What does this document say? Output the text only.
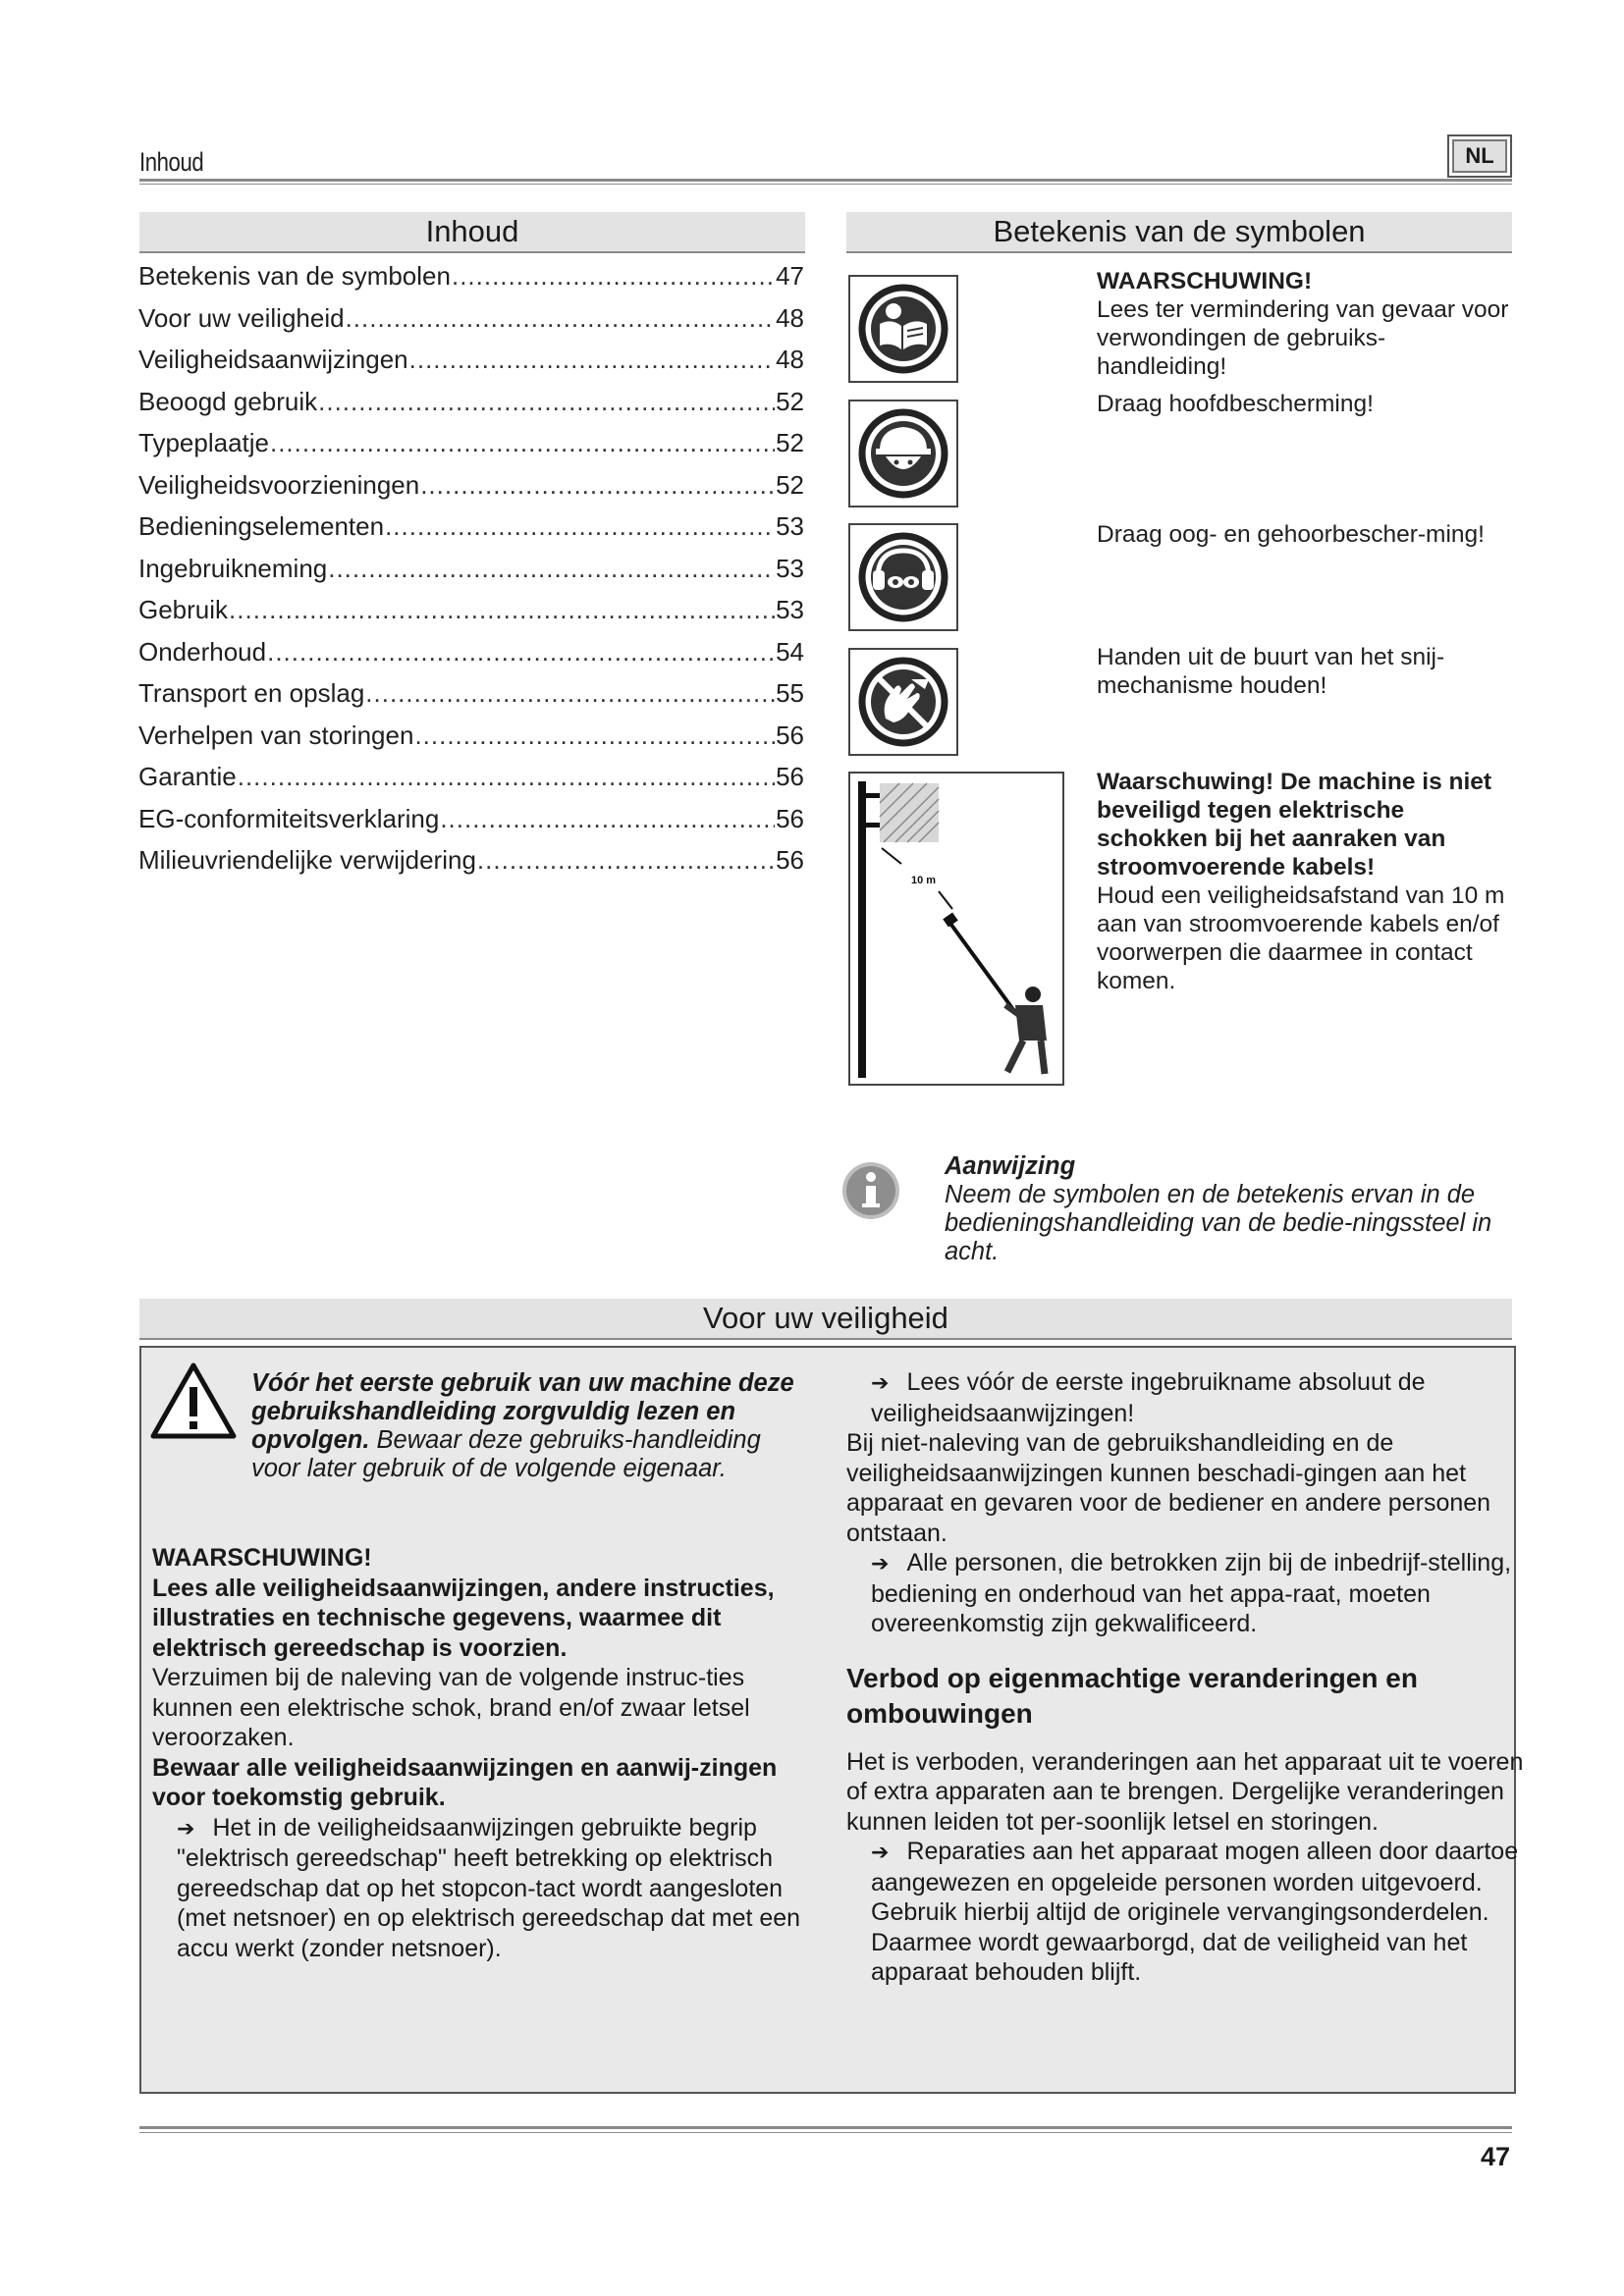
Inhoud	NL
Inhoud
Betekenis van de symbolen .....	47
Voor uw veiligheid .....	48
Veiligheidsaanwijzingen .....	48
Beoogd gebruik .....	52
Typeplaatje .....	52
Veiligheidsvoorzieningen .....	52
Bedieningselementen .....	53
Ingebruikneming .....	53
Gebruik .....	53
Onderhoud .....	54
Transport en opslag .....	55
Verhelpen van storingen .....	56
Garantie .....	56
EG-conformiteitsverklaring .....	56
Milieuvriendelijke verwijdering .....	56
Betekenis van de symbolen
WAARSCHUWING!
Lees ter vermindering van gevaar voor verwondingen de gebruiks-handleiding!
Draag hoofdbescherming!
Draag oog- en gehoorbescher-ming!
Handen uit de buurt van het snij-mechanisme houden!
10 m
Waarschuwing! De machine is niet beveiligd tegen elektrische schokken bij het aanraken van stroomvoerende kabels!
Houd een veiligheidsafstand van 10 m aan van stroomvoerende kabels en/of voorwerpen die daarmee in contact komen.
Aanwijzing
Neem de symbolen en de betekenis ervan in de bedieningshandleiding van de bedie-ningssteel in acht.
Voor uw veiligheid
Vóór het eerste gebruik van uw machine deze gebruikshandleiding zorgvuldig lezen en opvolgen. Bewaar deze gebruiks-handleiding voor later gebruik of de volgende eigenaar.

WAARSCHUWING!

Lees alle veiligheidsaanwijzingen, andere instructies, illustraties en technische gegevens, waarmee dit elektrisch gereedschap is voorzien.

Verzuimen bij de naleving van de volgende instruc-ties kunnen een elektrische schok, brand en/of zwaar letsel veroorzaken.

Bewaar alle veiligheidsaanwijzingen en aanwij-zingen voor toekomstig gebruik.

➔ Het in de veiligheidsaanwijzingen gebruikte begrip "elektrisch gereedschap" heeft betrekking op elektrisch gereedschap dat op het stopcon-tact wordt aangesloten (met netsnoer) en op elektrisch gereedschap dat met een accu werkt (zonder netsnoer).

➔ Lees vóór de eerste ingebruikname absoluut de veiligheidsaanwijzingen!

Bij niet-naleving van de gebruikshandleiding en de veiligheidsaanwijzingen kunnen beschadi-gingen aan het apparaat en gevaren voor de bediener en andere personen ontstaan.

➔ Alle personen, die betrokken zijn bij de inbedrijf-stelling, bediening en onderhoud van het appa-raat, moeten overeenkomstig zijn gekwalificeerd.

Verbod op eigenmachtige veranderingen en ombouwingen

Het is verboden, veranderingen aan het apparaat uit te voeren of extra apparaten aan te brengen. Dergelijke veranderingen kunnen leiden tot per-soonlijk letsel en storingen.

➔ Reparaties aan het apparaat mogen alleen door daartoe aangewezen en opgeleide personen worden uitgevoerd. Gebruik hierbij altijd de originele vervangingsonderdelen. Daarmee wordt gewaarborgd, dat de veiligheid van het apparaat behouden blijft.

47
